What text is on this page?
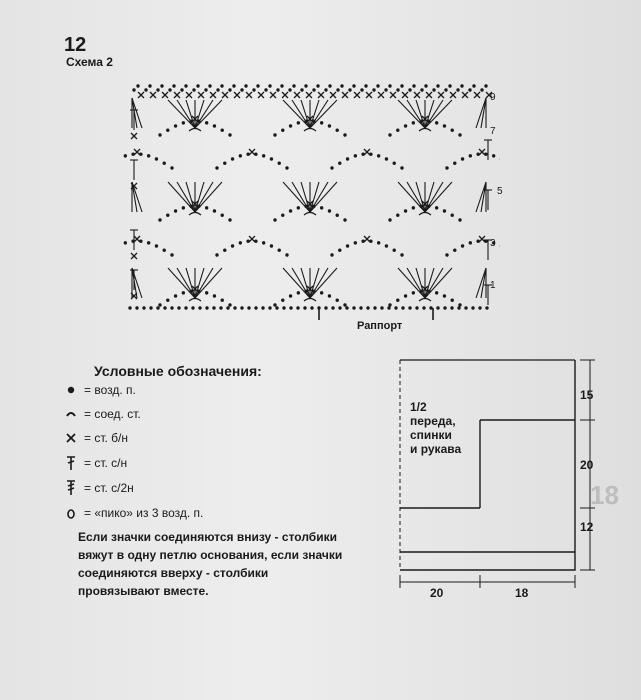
18
12
Схема 2
9
7
5
3
1
Раппорт
Условные обозначения:
= возд. п.
= соед. ст.
= ст. б/н
= ст. с/н
= ст. с/2н
= «пико» из 3 возд. п.
Если значки соединяются внизу - столбики вяжут в одну петлю основания, если значки соединяются вверху - столбики провязывают вместе.
1/2
переда,
спинки
и рукава
15
20
12
20	18
